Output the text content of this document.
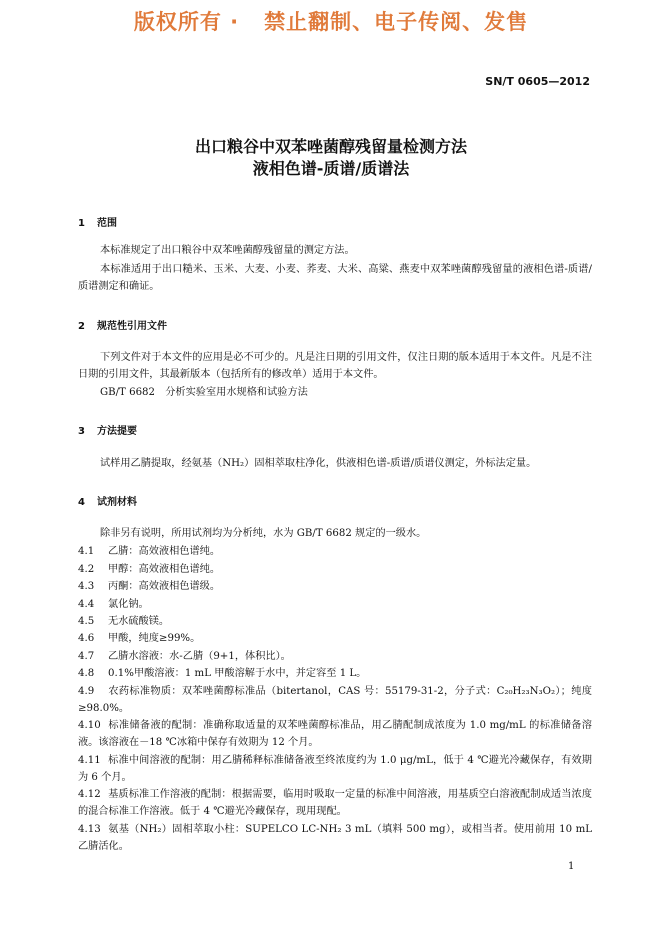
版权所有 ·   禁止翻制、电子传阅、发售
SN/T 0605—2012
出口粮谷中双苯唑菌醇残留量检测方法
液相色谱-质谱/质谱法
1 范围
本标准规定了出口粮谷中双苯唑菌醇残留量的测定方法。
本标准适用于出口糙米、玉米、大麦、小麦、荞麦、大米、高粱、燕麦中双苯唑菌醇残留量的液相色谱-质谱/质谱测定和确证。
2 规范性引用文件
下列文件对于本文件的应用是必不可少的。凡是注日期的引用文件，仅注日期的版本适用于本文件。凡是不注日期的引用文件，其最新版本（包括所有的修改单）适用于本文件。
GB/T 6682　分析实验室用水规格和试验方法
3 方法提要
试样用乙腈提取，经氨基（NH₂）固相萃取柱净化，供液相色谱-质谱/质谱仪测定，外标法定量。
4 试剂材料
除非另有说明，所用试剂均为分析纯，水为 GB/T 6682 规定的一级水。
4.1 乙腈：高效液相色谱纯。
4.2 甲醇：高效液相色谱纯。
4.3 丙酮：高效液相色谱级。
4.4 氯化钠。
4.5 无水硫酸镁。
4.6 甲酸，纯度≥99%。
4.7 乙腈水溶液：水-乙腈（9+1，体积比）。
4.8 0.1%甲酸溶液：1 mL 甲酸溶解于水中，并定容至 1 L。
4.9 农药标准物质：双苯唑菌醇标准品（bitertanol，CAS 号：55179-31-2，分子式：C₂₀H₂₃N₃O₂）；纯度≥98.0%。
4.10 标准储备液的配制：准确称取适量的双苯唑菌醇标准品，用乙腈配制成浓度为 1.0 mg/mL 的标准储备溶液。该溶液在－18 ℃冰箱中保存有效期为 12 个月。
4.11 标准中间溶液的配制：用乙腈稀释标准储备液至终浓度约为 1.0 μg/mL，低于 4 ℃避光冷藏保存，有效期为 6 个月。
4.12 基质标准工作溶液的配制：根据需要，临用时吸取一定量的标准中间溶液，用基质空白溶液配制成适当浓度的混合标准工作溶液。低于 4 ℃避光冷藏保存，现用现配。
4.13 氨基（NH₂）固相萃取小柱：SUPELCO LC-NH₂ 3 mL（填料 500 mg），或相当者。使用前用 10 mL 乙腈活化。
1
